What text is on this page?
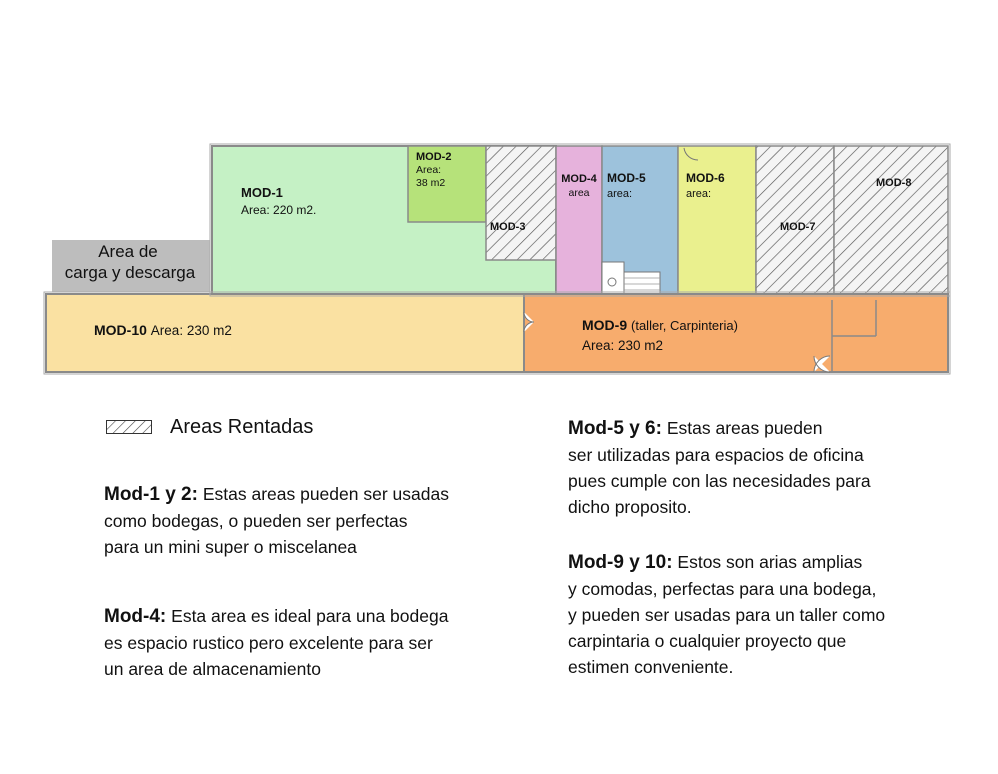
Area de
carga y descarga
MOD-1
Area: 220 m2.
MOD-2
Area:
38 m2
MOD-3
MOD-4
area
MOD-5
area:
MOD-6
area:
MOD-7
MOD-8
MOD-10 Area: 230 m2	MOD-9 (taller, Carpinteria)
Area: 230 m2
Areas Rentadas
Mod-1 y 2: Estas areas pueden ser usadas
como bodegas, o pueden ser perfectas
para un mini super o miscelanea
Mod-4: Esta area es ideal para una bodega
es espacio rustico pero excelente para ser
un area de almacenamiento
Mod-5 y 6: Estas areas pueden
ser utilizadas para espacios de oficina
pues cumple con las necesidades para
dicho proposito.
Mod-9 y 10: Estos son arias amplias
y comodas, perfectas para una bodega,
y pueden ser usadas para un taller como
carpintaria o cualquier proyecto que
estimen conveniente.
